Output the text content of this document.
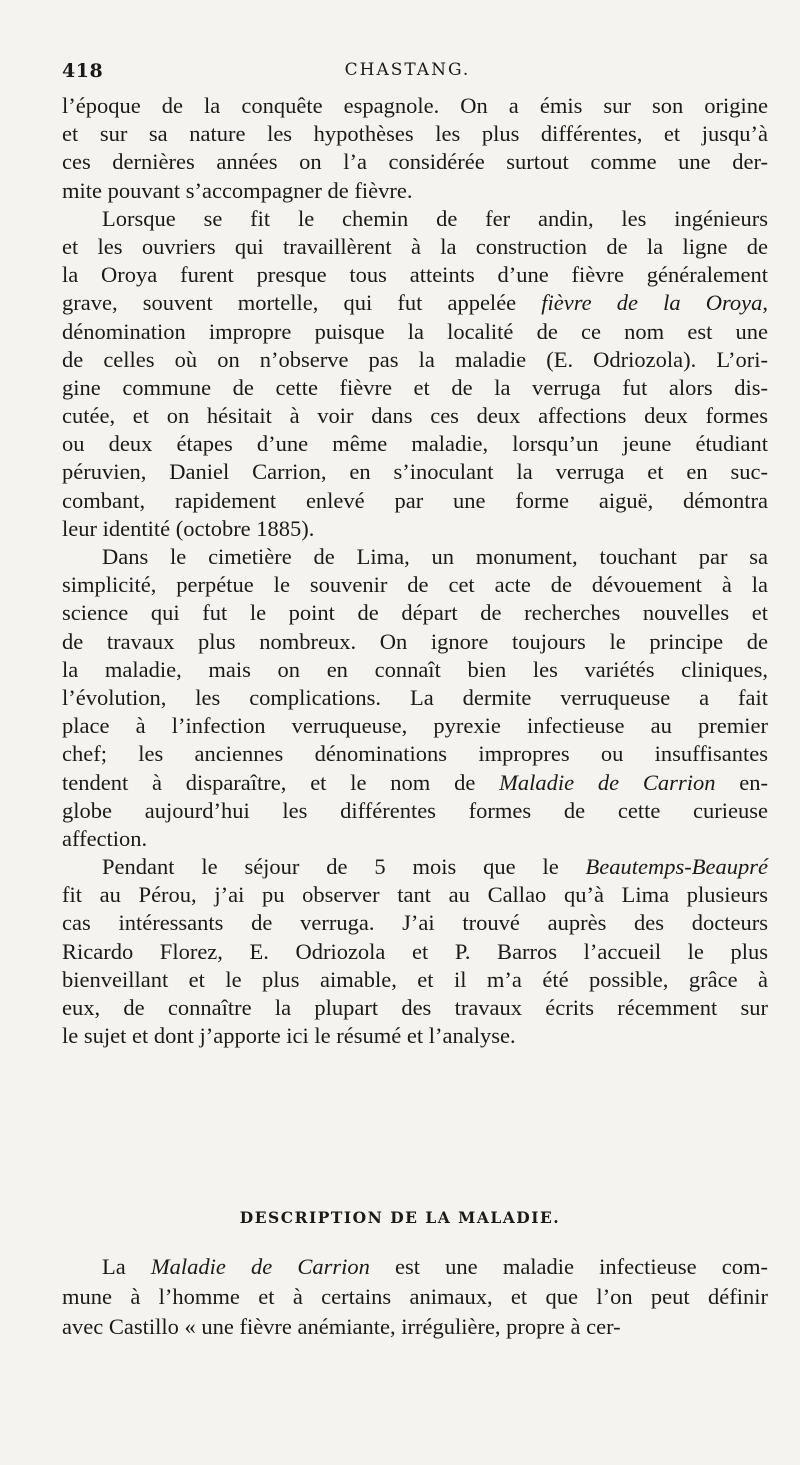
418	CHASTANG.
l’époque de la conquête espagnole. On a émis sur son origine
et sur sa nature les hypothèses les plus différentes, et jusqu’à
ces dernières années on l’a considérée surtout comme une der-
mite pouvant s’accompagner de fièvre.
Lorsque se fit le chemin de fer andin, les ingénieurs
et les ouvriers qui travaillèrent à la construction de la ligne de
la Oroya furent presque tous atteints d’une fièvre généralement
grave, souvent mortelle, qui fut appelée fièvre de la Oroya,
dénomination impropre puisque la localité de ce nom est une
de celles où on n’observe pas la maladie (E. Odriozola). L’ori-
gine commune de cette fièvre et de la verruga fut alors dis-
cutée, et on hésitait à voir dans ces deux affections deux formes
ou deux étapes d’une même maladie, lorsqu’un jeune étudiant
péruvien, Daniel Carrion, en s’inoculant la verruga et en suc-
combant, rapidement enlevé par une forme aiguë, démontra
leur identité (octobre 1885).
Dans le cimetière de Lima, un monument, touchant par sa
simplicité, perpétue le souvenir de cet acte de dévouement à la
science qui fut le point de départ de recherches nouvelles et
de travaux plus nombreux. On ignore toujours le principe de
la maladie, mais on en connaît bien les variétés cliniques,
l’évolution, les complications. La dermite verruqueuse a fait
place à l’infection verruqueuse, pyrexie infectieuse au premier
chef; les anciennes dénominations impropres ou insuffisantes
tendent à disparaître, et le nom de Maladie de Carrion en-
globe aujourd’hui les différentes formes de cette curieuse
affection.
Pendant le séjour de 5 mois que le Beautemps-Beaupré
fit au Pérou, j’ai pu observer tant au Callao qu’à Lima plusieurs
cas intéressants de verruga. J’ai trouvé auprès des docteurs
Ricardo Florez, E. Odriozola et P. Barros l’accueil le plus
bienveillant et le plus aimable, et il m’a été possible, grâce à
eux, de connaître la plupart des travaux écrits récemment sur
le sujet et dont j’apporte ici le résumé et l’analyse.
DESCRIPTION DE LA MALADIE.
La Maladie de Carrion est une maladie infectieuse com-
mune à l’homme et à certains animaux, et que l’on peut définir
avec Castillo « une fièvre anémiante, irrégulière, propre à cer-
